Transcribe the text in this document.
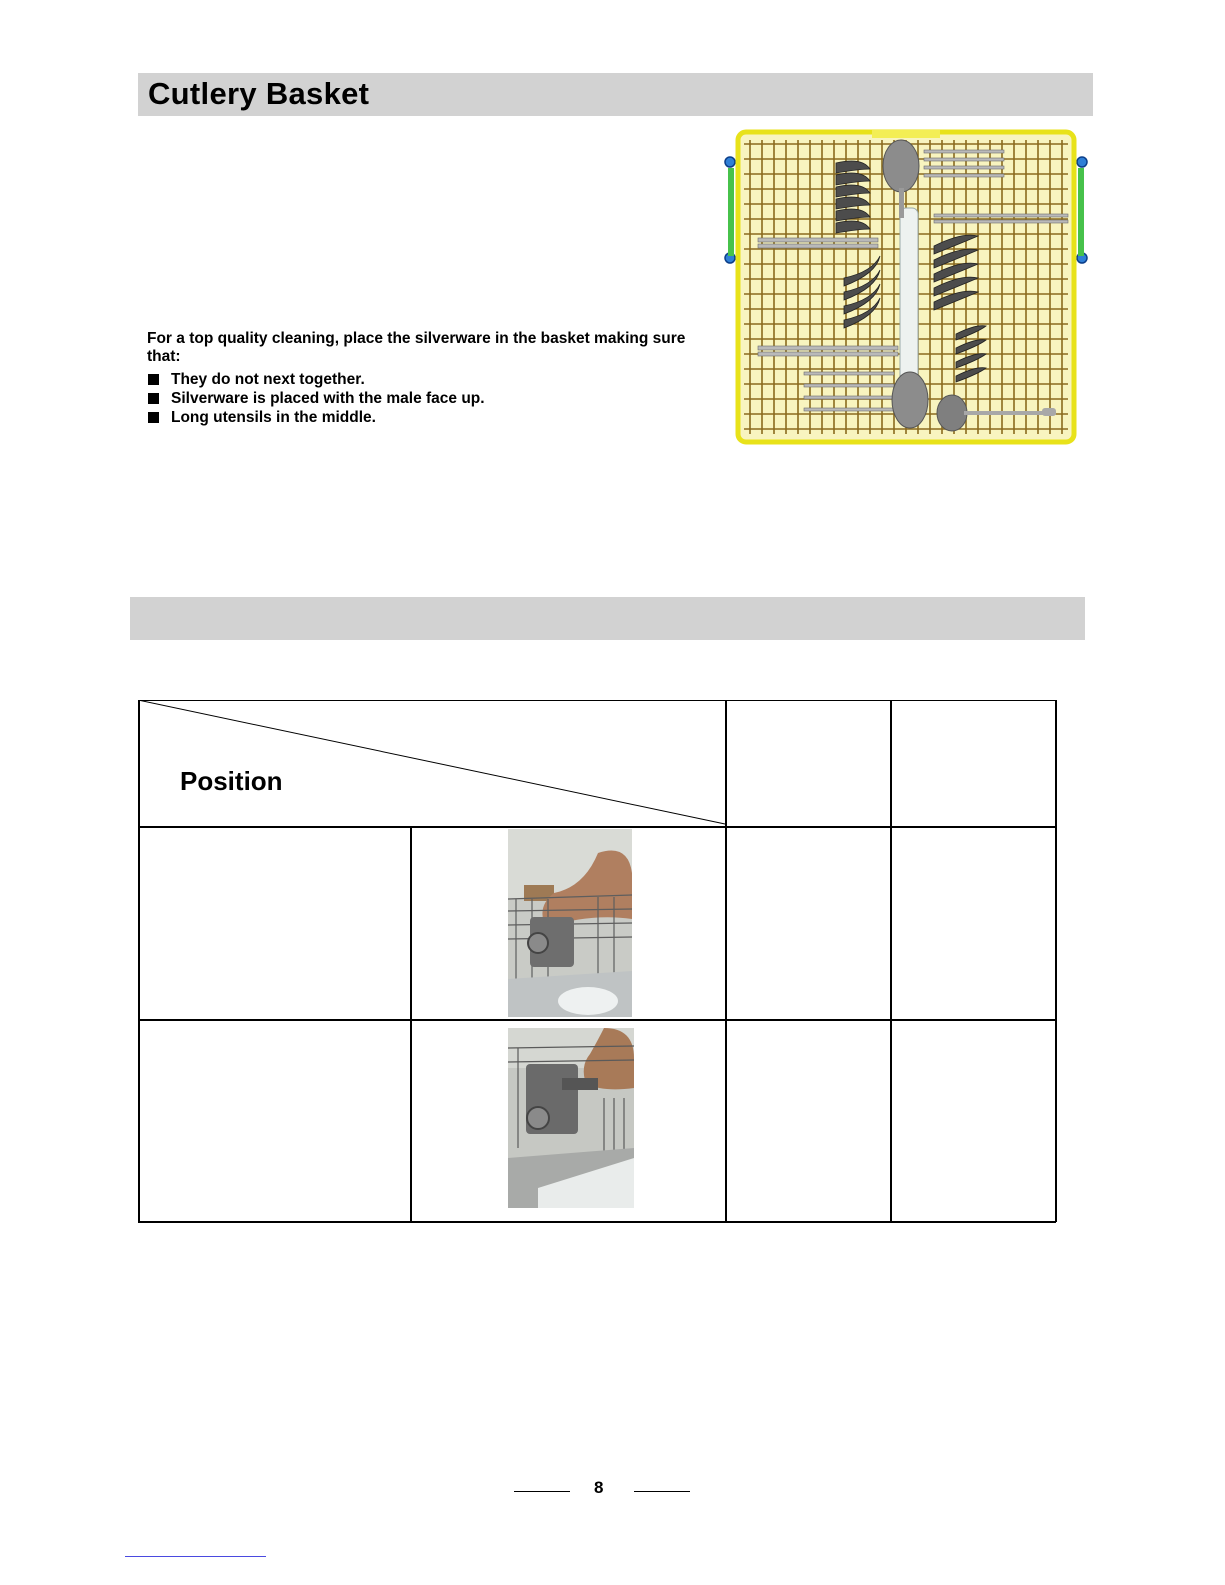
Cutlery Basket
For a top quality cleaning, place the silverware in the basket making sure that:
They do not next together.
Silverware is placed with the male face up.
Long utensils in the middle.
Position
8
